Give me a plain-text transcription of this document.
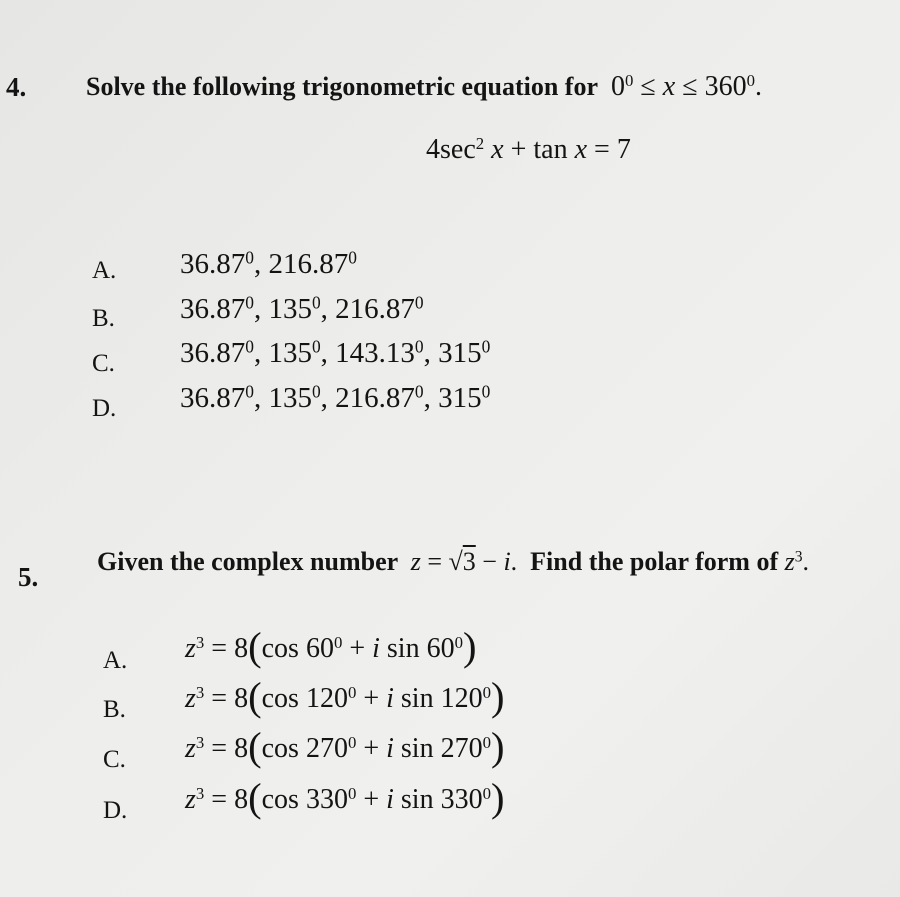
4. Solve the following trigonometric equation for $0^0 \le x \le 360^0$.
$4\sec^2$ x + tan x = 7
A. 36.87$^0$, 216.87$^0$
B. 36.87$^0$, $135^0$, 216.87$^0$
C. 36.87$^0$, $135^0$, 143.13$^0$, $315^0$
D. 36.87$^0$, $135^0$, 216.87$^0$, $315^0$
5.
Given the complex number z = √3 − i.  Find the polar form of $z^3$.
A. $z^3 = 8(\cos$ $60^0 + i$ $\sin 60^0$)
B. $z^3 = 8(\cos$ $120^0 + i$ $\sin 120^0$)
C. $z^3 = 8(\cos$ $270^0 + i$ $\sin 270^0$)
D. $z^3 = 8(\cos$ $330^0 + i$ $\sin 330^0$)
